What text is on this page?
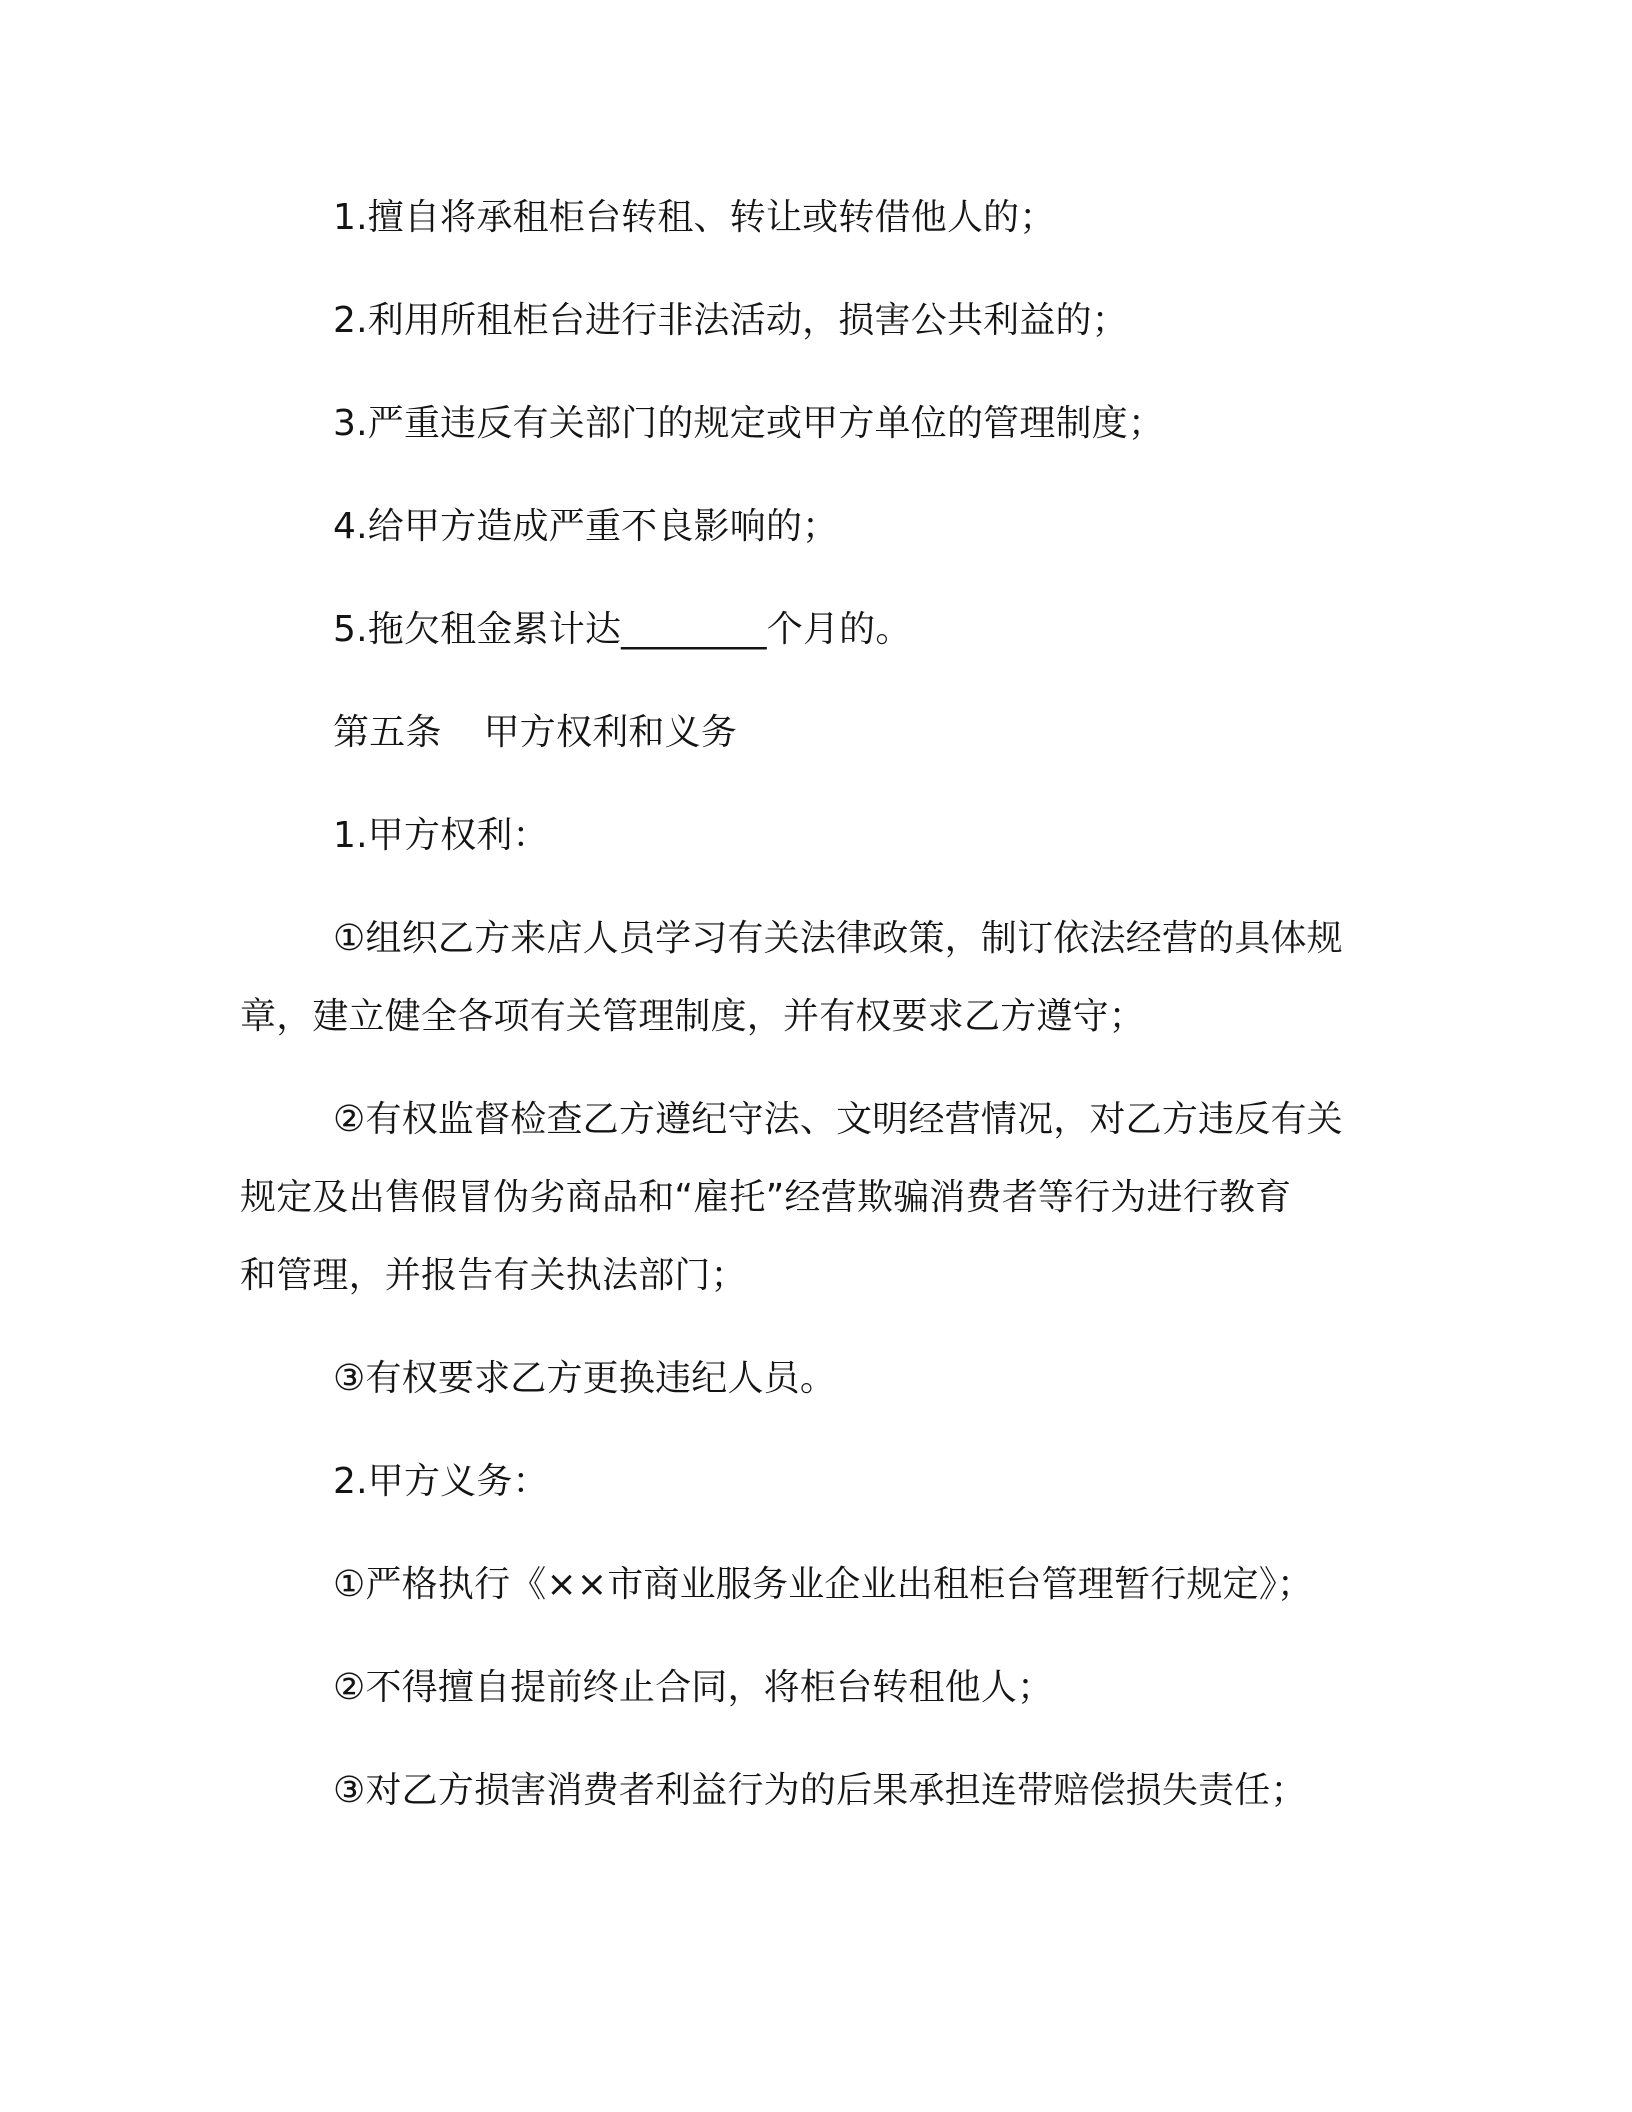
1.擅自将承租柜台转租、转让或转借他人的；
2.利用所租柜台进行非法活动，损害公共利益的；
3.严重违反有关部门的规定或甲方单位的管理制度；
4.给甲方造成严重不良影响的；
5.拖欠租金累计达________个月的。
第五条 甲方权利和义务
1.甲方权利：
①组织乙方来店人员学习有关法律政策，制订依法经营的具体规
章，建立健全各项有关管理制度，并有权要求乙方遵守；
②有权监督检查乙方遵纪守法、文明经营情况，对乙方违反有关
规定及出售假冒伪劣商品和“雇托”经营欺骗消费者等行为进行教育
和管理，并报告有关执法部门；
③有权要求乙方更换违纪人员。
2.甲方义务：
①严格执行《××市商业服务业企业出租柜台管理暂行规定》；
②不得擅自提前终止合同，将柜台转租他人；
③对乙方损害消费者利益行为的后果承担连带赔偿损失责任；
